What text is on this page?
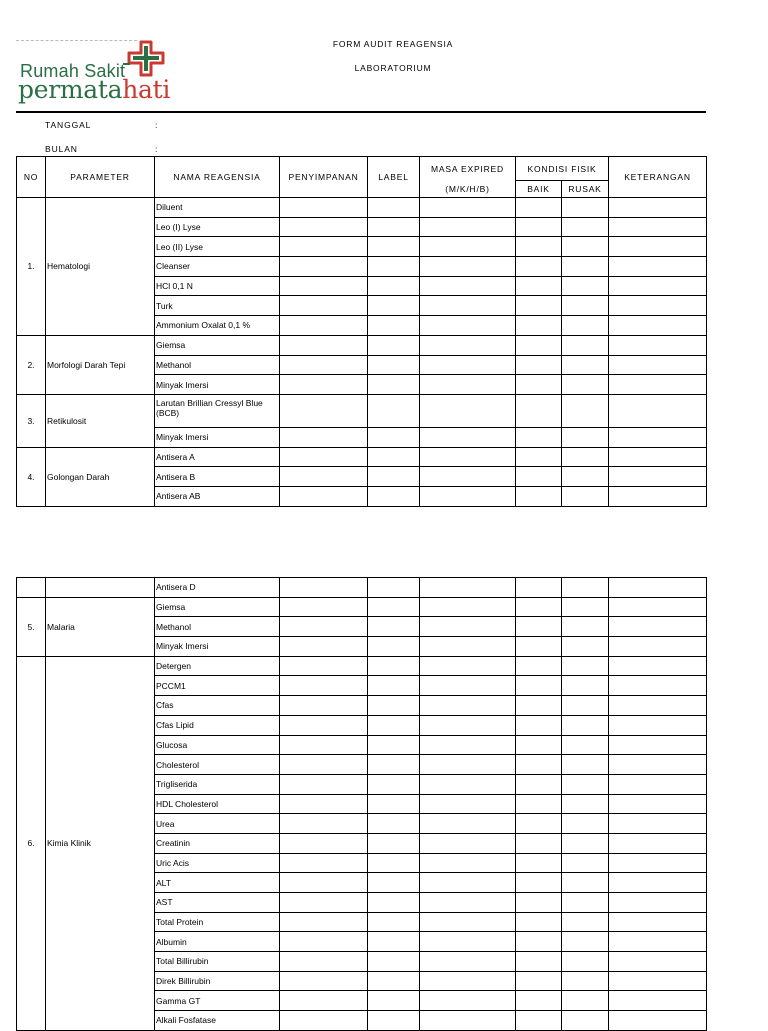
Rumah Sakit
permatahati
FORM AUDIT REAGENSIA
LABORATORIUM
TANGGAL	:
BULAN	:
NO	PARAMETER	NAMA REAGENSIA	PENYIMPANAN	LABEL	MASA EXPIRED	KONDISI FISIK		KETERANGAN
					(M/K/H/B)	BAIK	RUSAK	
1.	Hematologi	Diluent						
		Leo (I) Lyse						
		Leo (II) Lyse						
		Cleanser						
		HCl 0,1 N						
		Turk						
		Ammonium Oxalat 0,1 %						
2.	Morfologi Darah Tepi	Giemsa						
		Methanol						
		Minyak Imersi						
3.	Retikulosit	Larutan Brillian Cressyl Blue (BCB)						
		Minyak Imersi						
4.	Golongan Darah	Antisera A						
		Antisera B						
		Antisera AB						
		Antisera D						
5.	Malaria	Giemsa						
		Methanol						
		Minyak Imersi						
6.	Kimia Klinik	Detergen						
		PCCM1						
		Cfas						
		Cfas Lipid						
		Glucosa						
		Cholesterol						
		Trigliserida						
		HDL Cholesterol						
		Urea						
		Creatinin						
		Uric Acis						
		ALT						
		AST						
		Total Protein						
		Albumin						
		Total Billirubin						
		Direk Billirubin						
		Gamma GT						
		Alkali Fosfatase						
